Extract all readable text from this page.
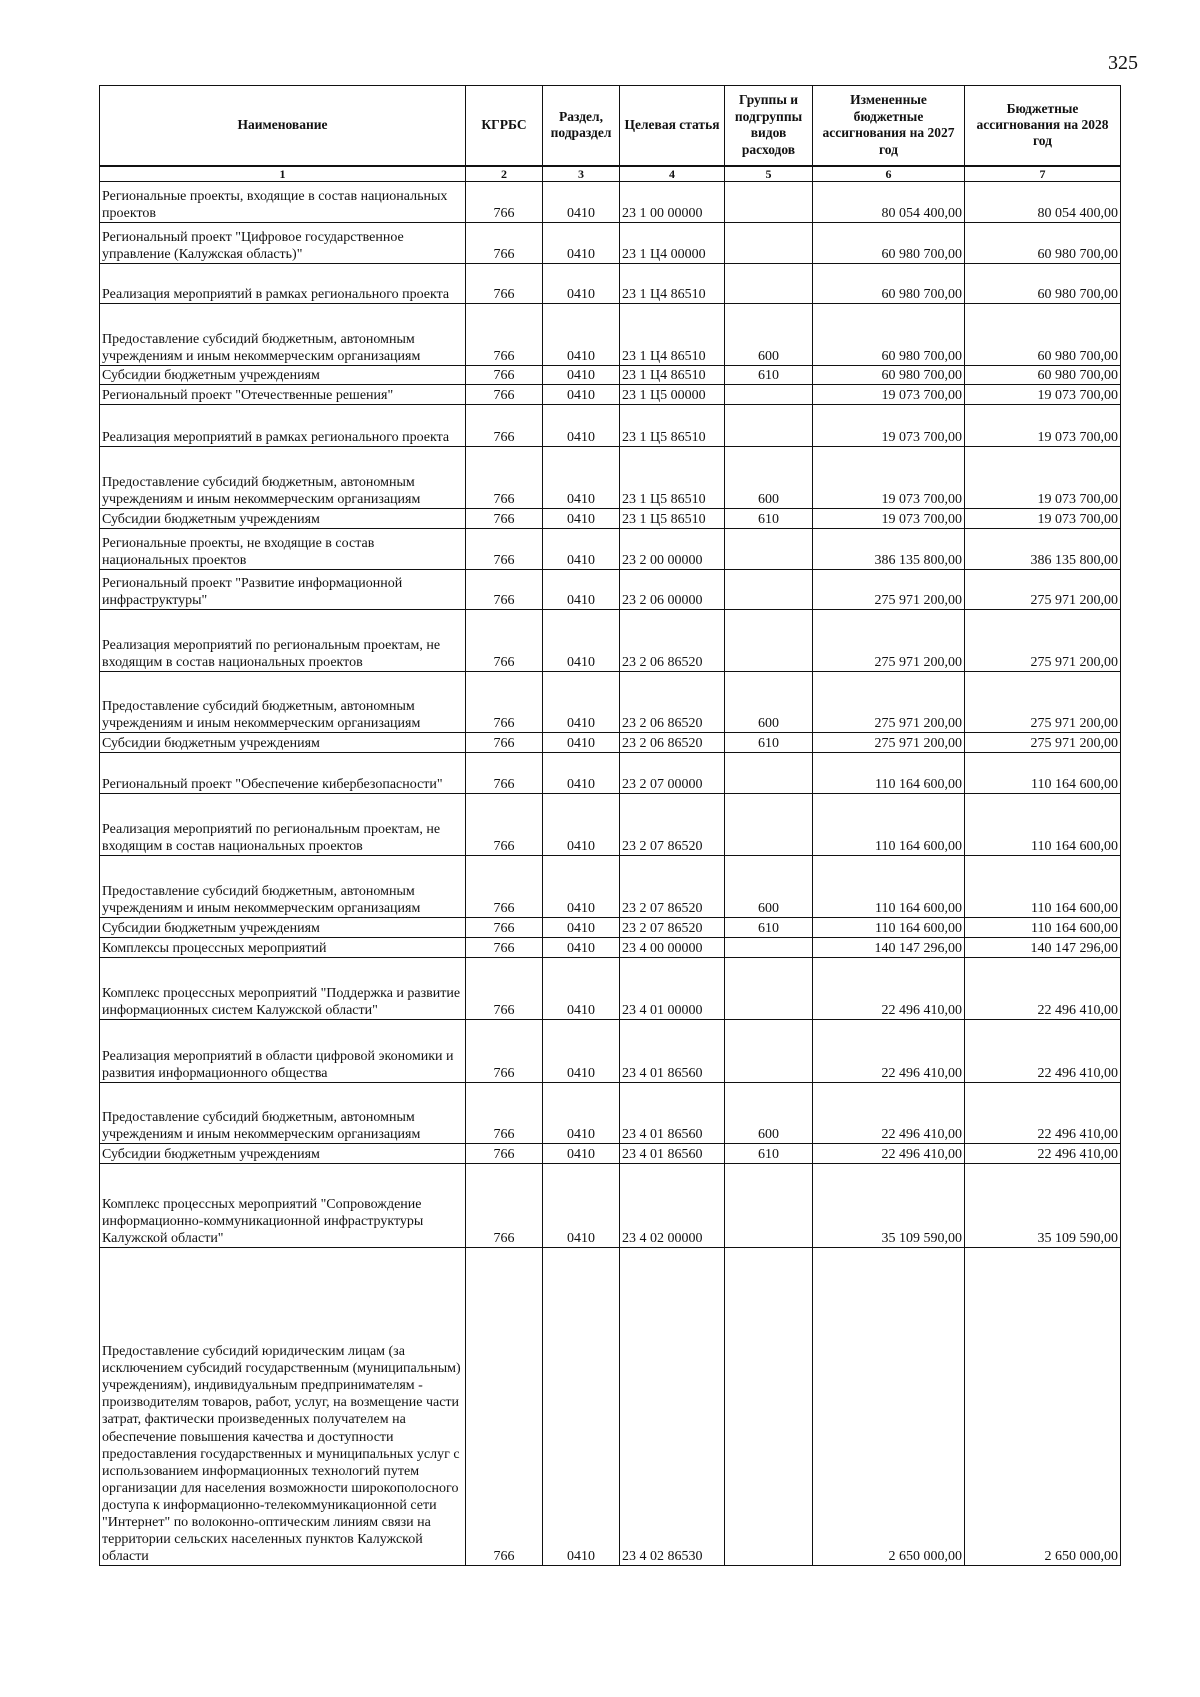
325
Наименование	КГРБС	Раздел, подраздел	Целевая статья	Группы и подгруппы видов расходов	Измененные бюджетные ассигнования на 2027 год	Бюджетные ассигнования на 2028 год
1	2	3	4	5	6	7
Региональные проекты, входящие в состав национальных проектов	766	0410	23 1 00 00000		80 054 400,00	80 054 400,00
Региональный проект "Цифровое государственное управление (Калужская область)"	766	0410	23 1 Ц4 00000		60 980 700,00	60 980 700,00
Реализация мероприятий в рамках регионального проекта	766	0410	23 1 Ц4 86510		60 980 700,00	60 980 700,00
Предоставление субсидий бюджетным, автономным учреждениям и иным некоммерческим организациям	766	0410	23 1 Ц4 86510	600	60 980 700,00	60 980 700,00
Субсидии бюджетным учреждениям	766	0410	23 1 Ц4 86510	610	60 980 700,00	60 980 700,00
Региональный проект "Отечественные решения"	766	0410	23 1 Ц5 00000		19 073 700,00	19 073 700,00
Реализация мероприятий в рамках регионального проекта	766	0410	23 1 Ц5 86510		19 073 700,00	19 073 700,00
Предоставление субсидий бюджетным, автономным учреждениям и иным некоммерческим организациям	766	0410	23 1 Ц5 86510	600	19 073 700,00	19 073 700,00
Субсидии бюджетным учреждениям	766	0410	23 1 Ц5 86510	610	19 073 700,00	19 073 700,00
Региональные проекты, не входящие в состав национальных проектов	766	0410	23 2 00 00000		386 135 800,00	386 135 800,00
Региональный проект "Развитие информационной инфраструктуры"	766	0410	23 2 06 00000		275 971 200,00	275 971 200,00
Реализация мероприятий по региональным проектам, не входящим в состав национальных проектов	766	0410	23 2 06 86520		275 971 200,00	275 971 200,00
Предоставление субсидий бюджетным, автономным учреждениям и иным некоммерческим организациям	766	0410	23 2 06 86520	600	275 971 200,00	275 971 200,00
Субсидии бюджетным учреждениям	766	0410	23 2 06 86520	610	275 971 200,00	275 971 200,00
Региональный проект "Обеспечение кибербезопасности"	766	0410	23 2 07 00000		110 164 600,00	110 164 600,00
Реализация мероприятий по региональным проектам, не входящим в состав национальных проектов	766	0410	23 2 07 86520		110 164 600,00	110 164 600,00
Предоставление субсидий бюджетным, автономным учреждениям и иным некоммерческим организациям	766	0410	23 2 07 86520	600	110 164 600,00	110 164 600,00
Субсидии бюджетным учреждениям	766	0410	23 2 07 86520	610	110 164 600,00	110 164 600,00
Комплексы процессных мероприятий	766	0410	23 4 00 00000		140 147 296,00	140 147 296,00
Комплекс процессных мероприятий "Поддержка и развитие информационных систем Калужской области"	766	0410	23 4 01 00000		22 496 410,00	22 496 410,00
Реализация мероприятий в области цифровой экономики и развития информационного общества	766	0410	23 4 01 86560		22 496 410,00	22 496 410,00
Предоставление субсидий бюджетным, автономным учреждениям и иным некоммерческим организациям	766	0410	23 4 01 86560	600	22 496 410,00	22 496 410,00
Субсидии бюджетным учреждениям	766	0410	23 4 01 86560	610	22 496 410,00	22 496 410,00
Комплекс процессных мероприятий "Сопровождение информационно-коммуникационной инфраструктуры Калужской области"	766	0410	23 4 02 00000		35 109 590,00	35 109 590,00
Предоставление субсидий юридическим лицам (за исключением субсидий государственным (муниципальным) учреждениям), индивидуальным предпринимателям - производителям товаров, работ, услуг, на возмещение части затрат, фактически произведенных получателем на обеспечение повышения качества и доступности предоставления государственных и муниципальных услуг с использованием информационных технологий путем организации для населения возможности широкополосного доступа к информационно-телекоммуникационной сети "Интернет" по волоконно-оптическим линиям связи на территории сельских населенных пунктов Калужской области	766	0410	23 4 02 86530		2 650 000,00	2 650 000,00
